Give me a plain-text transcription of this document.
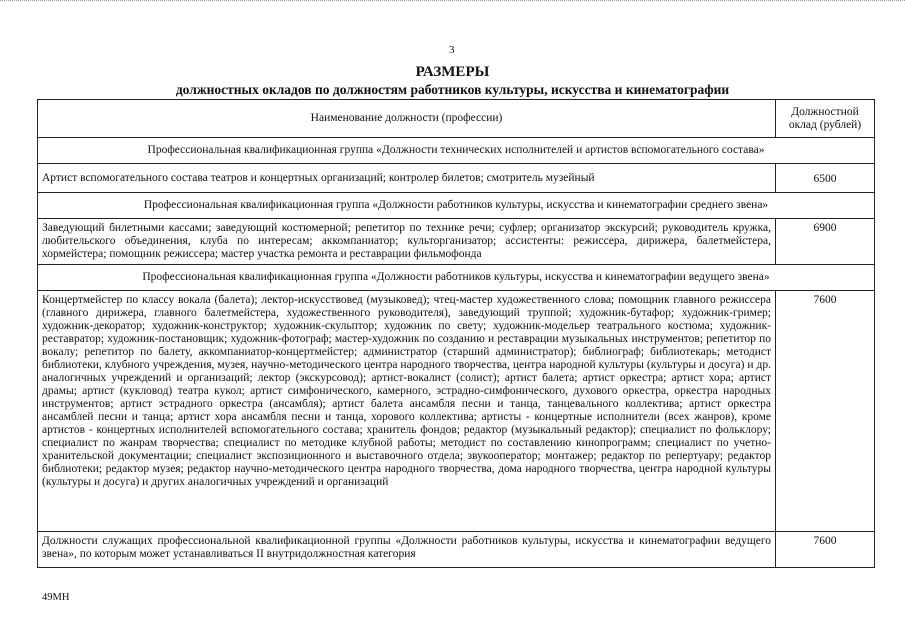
3
РАЗМЕРЫ
должностных окладов по должностям работников культуры, искусства и кинематографии
Наименование должности (профессии)	Должностной оклад (рублей)
Профессиональная квалификационная группа «Должности технических исполнителей и артистов вспомогательного состава»	
Артист вспомогательного состава театров и концертных организаций; контролер билетов; смотритель музейный	6500
Профессиональная квалификационная группа «Должности работников культуры, искусства и кинематографии среднего звена»	
Заведующий билетными кассами; заведующий костюмерной; репетитор по технике речи; суфлер; организатор экскурсий; руководитель кружка, любительского объединения, клуба по интересам; аккомпаниатор; культорганизатор; ассистенты: режиссера, дирижера, балетмейстера, хормейстера; помощник режиссера; мастер участка ремонта и реставрации фильмофонда	6900
Профессиональная квалификационная группа «Должности работников культуры, искусства и кинематографии ведущего звена»	
Концертмейстер по классу вокала (балета); лектор-искусствовед (музыковед); чтец-мастер художественного слова; помощник главного режиссера (главного дирижера, главного балетмейстера, художественного руководителя), заведующий труппой; художник-бутафор; художник-гример; художник-декоратор; художник-конструктор; художник-скульптор; художник по свету; художник-модельер театрального костюма; художник-реставратор; художник-постановщик; художник-фотограф; мастер-художник по созданию и реставрации музыкальных инструментов; репетитор по вокалу; репетитор по балету, аккомпаниатор-концертмейстер; администратор (старший администратор); библиограф; библиотекарь; методист библиотеки, клубного учреждения, музея, научно-методического центра народного творчества, центра народной культуры (культуры и досуга) и др. аналогичных учреждений и организаций; лектор (экскурсовод); артист-вокалист (солист); артист балета; артист оркестра; артист хора; артист драмы; артист (кукловод) театра кукол; артист симфонического, камерного, эстрадно-симфонического, духового оркестра, оркестра народных инструментов; артист эстрадного оркестра (ансамбля); артист балета ансамбля песни и танца, танцевального коллектива; артист оркестра ансамблей песни и танца; артист хора ансамбля песни и танца, хорового коллектива; артисты - концертные исполнители (всех жанров), кроме артистов - концертных исполнителей вспомогательного состава; хранитель фондов; редактор (музыкальный редактор); специалист по фольклору; специалист по жанрам творчества; специалист по методике клубной работы; методист по составлению кинопрограмм; специалист по учетно-хранительской документации; специалист экспозиционного и выставочного отдела; звукооператор; монтажер; редактор по репертуару; редактор библиотеки; редактор музея; редактор научно-методического центра народного творчества, дома народного творчества, центра народной культуры (культуры и досуга) и других аналогичных учреждений и организаций	7600
Должности служащих профессиональной квалификационной группы «Должности работников культуры, искусства и кинематографии ведущего звена», по которым может устанавливаться II внутридолжностная категория	7600
49МН
